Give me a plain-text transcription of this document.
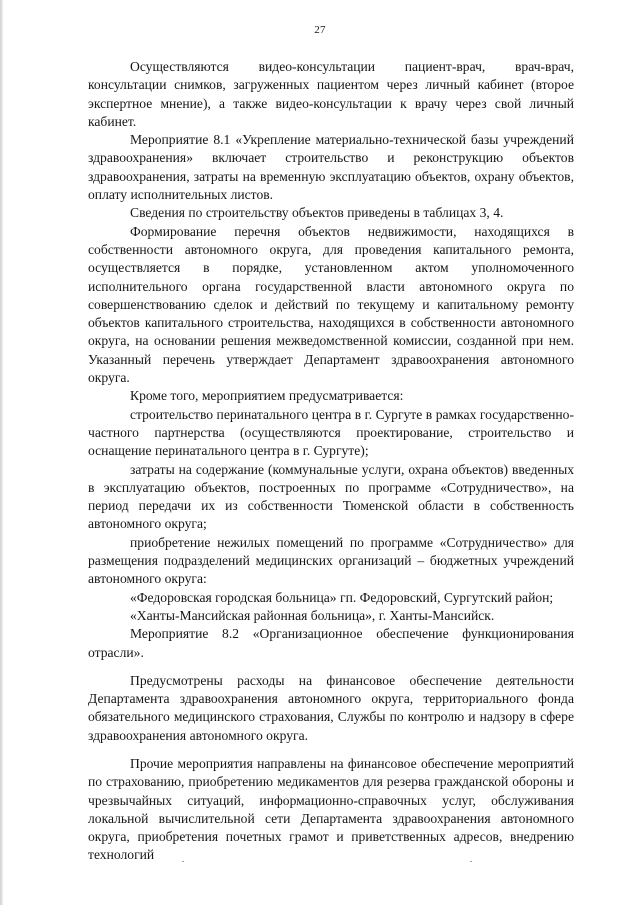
27

Осуществляются видео-консультации пациент-врач, врач-врач, консультации снимков, загруженных пациентом через личный кабинет (второе экспертное мнение), а также видео-консультации к врачу через свой личный кабинет.

Мероприятие 8.1 «Укрепление материально-технической базы учреждений здравоохранения» включает строительство и реконструкцию объектов здравоохранения, затраты на временную эксплуатацию объектов, охрану объектов, оплату исполнительных листов.

Сведения по строительству объектов приведены в таблицах 3, 4.

Формирование перечня объектов недвижимости, находящихся в собственности автономного округа, для проведения капитального ремонта, осуществляется в порядке, установленном актом уполномоченного исполнительного органа государственной власти автономного округа по совершенствованию сделок и действий по текущему и капитальному ремонту объектов капитального строительства, находящихся в собственности автономного округа, на основании решения межведомственной комиссии, созданной при нем. Указанный перечень утверждает Департамент здравоохранения автономного округа.

Кроме того, мероприятием предусматривается:

строительство перинатального центра в г. Сургуте в рамках государственно-частного партнерства (осуществляются проектирование, строительство и оснащение перинатального центра в г. Сургуте);

затраты на содержание (коммунальные услуги, охрана объектов) введенных в эксплуатацию объектов, построенных по программе «Сотрудничество», на период передачи их из собственности Тюменской области в собственность автономного округа;

приобретение нежилых помещений по программе «Сотрудничество» для размещения подразделений медицинских организаций – бюджетных учреждений автономного округа:

«Федоровская городская больница» гп. Федоровский, Сургутский район;

«Ханты-Мансийская районная больница», г. Ханты-Мансийск.

Мероприятие 8.2 «Организационное обеспечение функционирования отрасли».

Предусмотрены расходы на финансовое обеспечение деятельности Департамента здравоохранения автономного округа, территориального фонда обязательного медицинского страхования, Службы по контролю и надзору в сфере здравоохранения автономного округа.

Прочие мероприятия направлены на финансовое обеспечение мероприятий по страхованию, приобретению медикаментов для резерва гражданской обороны и чрезвычайных ситуаций, информационно-справочных услуг, обслуживания локальной вычислительной сети Департамента здравоохранения автономного округа, приобретения почетных грамот и приветственных адресов, внедрению технологий
